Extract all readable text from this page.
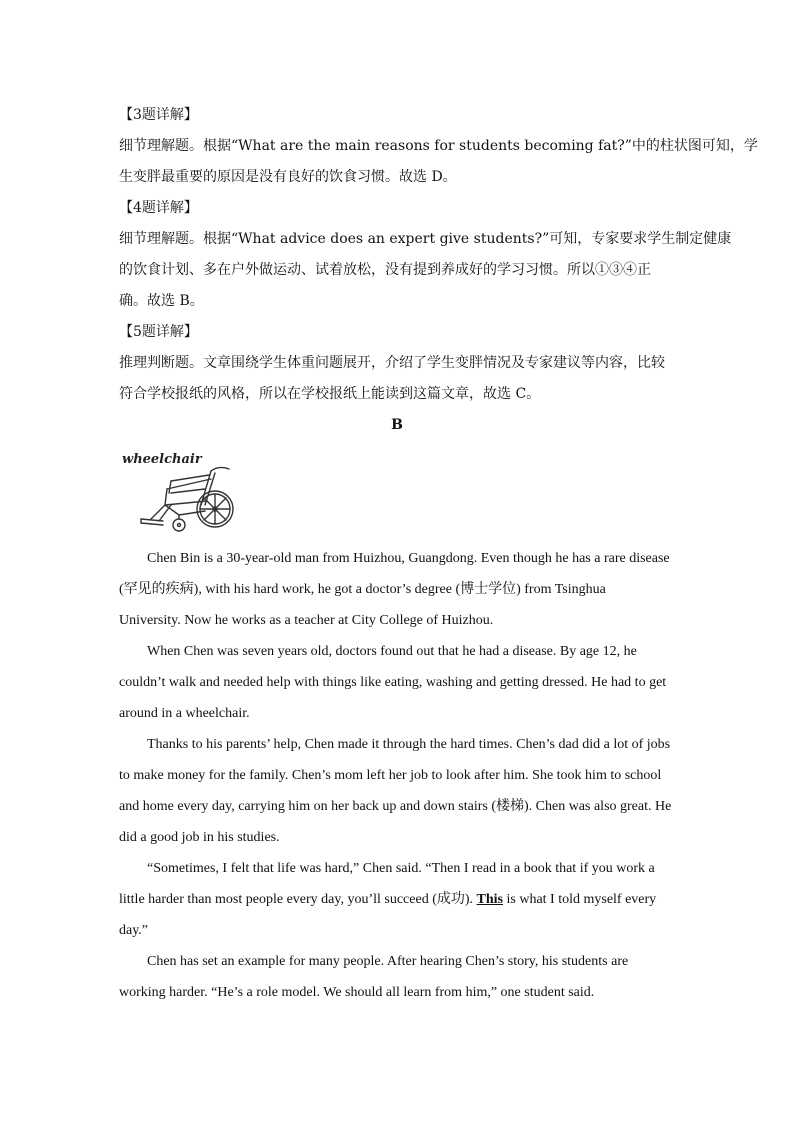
【3题详解】

细节理解题。根据“What are the main reasons for students becoming fat?”中的柱状图可知，学

生变胖最重要的原因是没有良好的饮食习惯。故选 D。

【4题详解】

细节理解题。根据“What advice does an expert give students?”可知，专家要求学生制定健康

的饮食计划、多在户外做运动、试着放松，没有提到养成好的学习习惯。所以①③④正

确。故选 B。

【5题详解】

推理判断题。文章围绕学生体重问题展开，介绍了学生变胖情况及专家建议等内容，比较

符合学校报纸的风格，所以在学校报纸上能读到这篇文章，故选 C。

B

wheelchair

Chen Bin is a 30-year-old man from Huizhou, Guangdong. Even though he has a rare disease

(罕见的疾病), with his hard work, he got a doctor’s degree (博士学位) from Tsinghua

University. Now he works as a teacher at City College of Huizhou.

When Chen was seven years old, doctors found out that he had a disease. By age 12, he

couldn’t walk and needed help with things like eating, washing and getting dressed. He had to get

around in a wheelchair.

Thanks to his parents’ help, Chen made it through the hard times. Chen’s dad did a lot of jobs

to make money for the family. Chen’s mom left her job to look after him. She took him to school

and home every day, carrying him on her back up and down stairs (楼梯). Chen was also great. He

did a good job in his studies.

“Sometimes, I felt that life was hard,” Chen said. “Then I read in a book that if you work a

little harder than most people every day, you’ll succeed (成功). This is what I told myself every

day.”

Chen has set an example for many people. After hearing Chen’s story, his students are

working harder. “He’s a role model. We should all learn from him,” one student said.
